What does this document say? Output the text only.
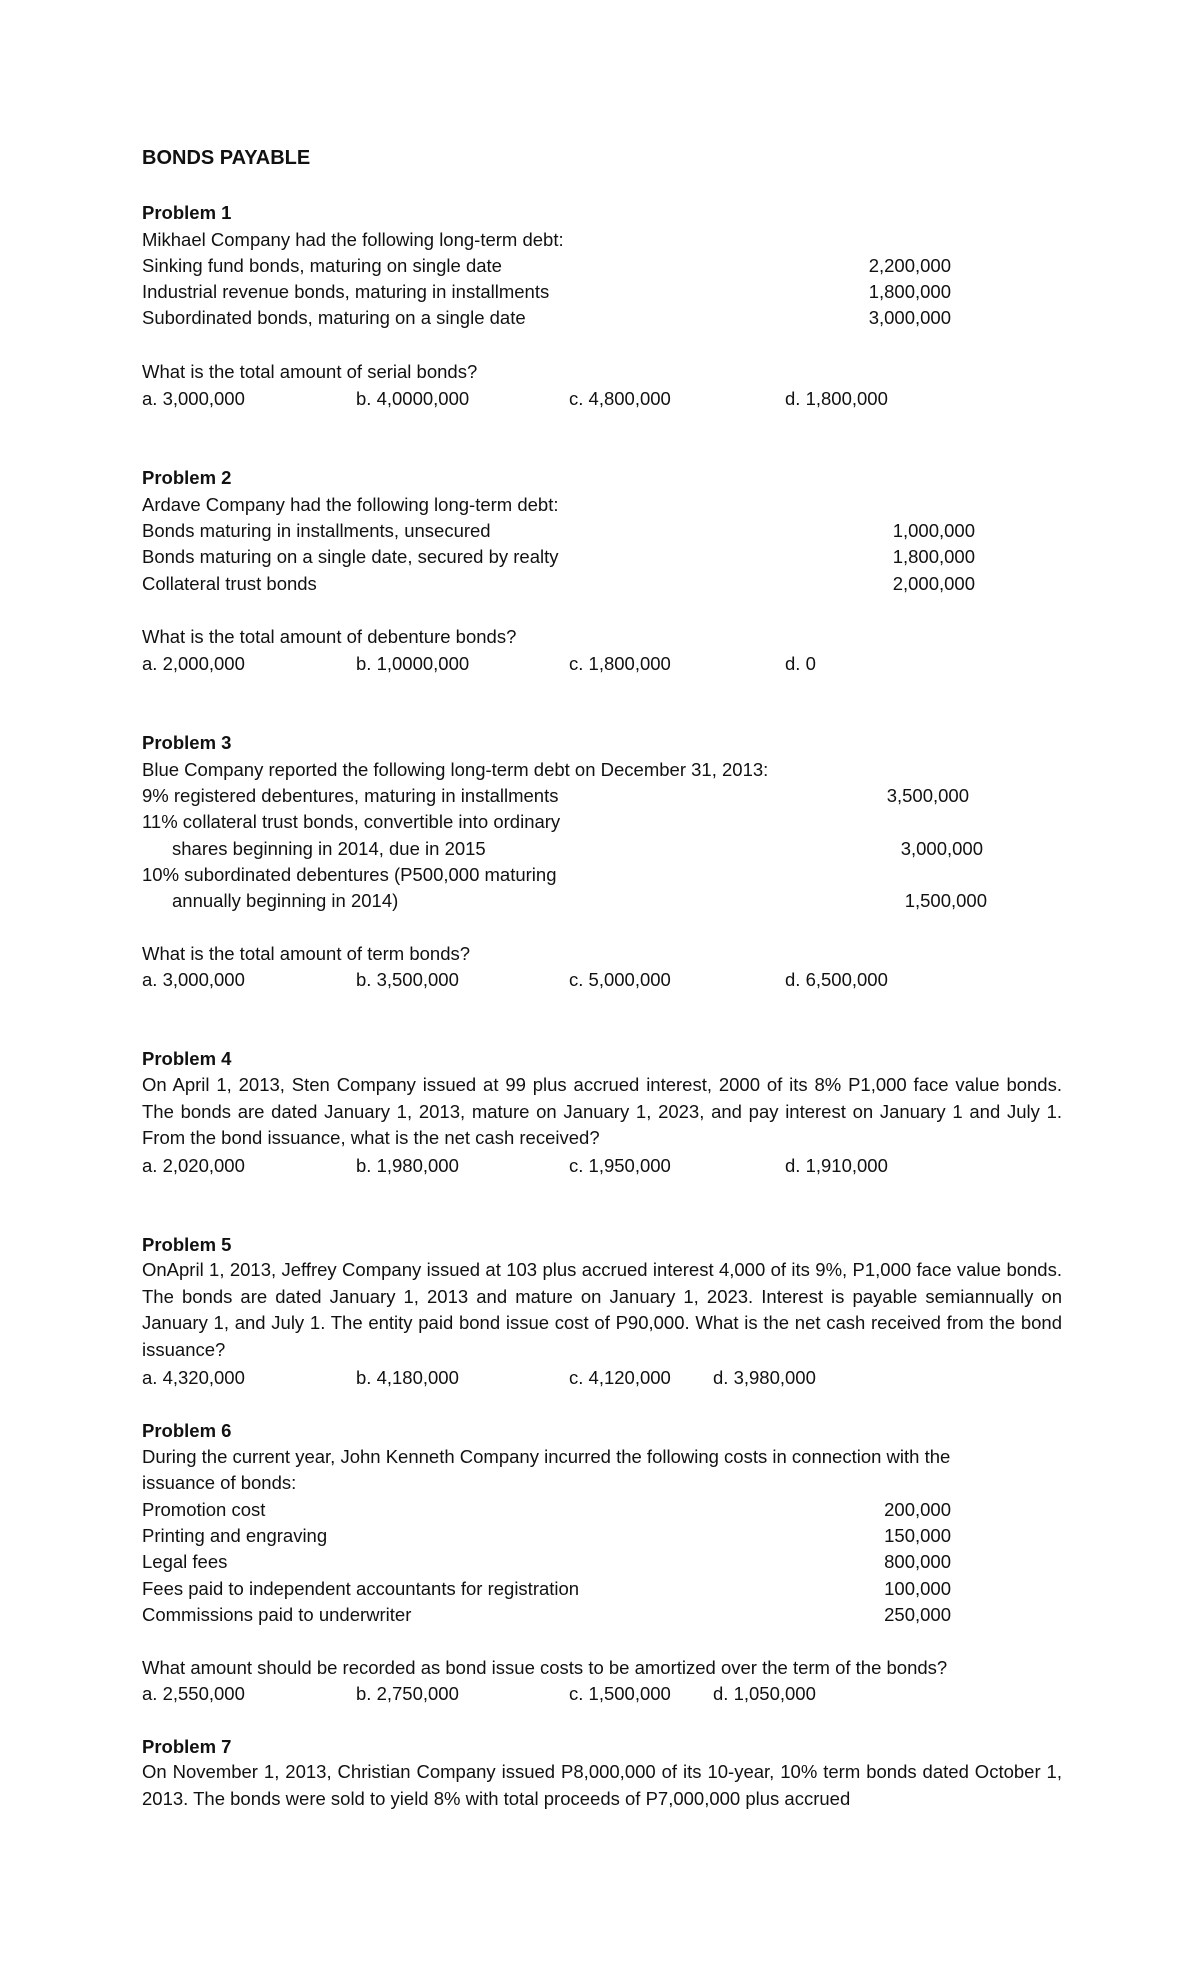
BONDS PAYABLE
Problem 1
Mikhael Company had the following long-term debt:
Sinking fund bonds, maturing on single date	2,200,000
Industrial revenue bonds, maturing in installments	1,800,000
Subordinated bonds, maturing on a single date	3,000,000
What is the total amount of serial bonds?
a. 3,000,000	b. 4,0000,000	c. 4,800,000	d. 1,800,000
Problem 2
Ardave Company had the following long-term debt:
Bonds maturing in installments, unsecured	1,000,000
Bonds maturing on a single date, secured by realty	1,800,000
Collateral trust bonds	2,000,000
What is the total amount of debenture bonds?
a. 2,000,000	b. 1,0000,000	c. 1,800,000	d. 0
Problem 3
Blue Company reported the following long-term debt on December 31, 2013:
9% registered debentures, maturing in installments	3,500,000
11% collateral trust bonds, convertible into ordinary
shares beginning in 2014, due in 2015	3,000,000
10% subordinated debentures (P500,000 maturing
annually beginning in 2014)	1,500,000
What is the total amount of term bonds?
a. 3,000,000	b. 3,500,000	c. 5,000,000	d. 6,500,000
Problem 4
On April 1, 2013, Sten Company issued at 99 plus accrued interest, 2000 of its 8% P1,000 face value bonds. The bonds are dated January 1, 2013, mature on January 1, 2023, and pay interest on January 1 and July 1. From the bond issuance, what is the net cash received?
a. 2,020,000	b. 1,980,000	c. 1,950,000	d. 1,910,000
Problem 5
OnApril 1, 2013, Jeffrey Company issued at 103 plus accrued interest 4,000 of its 9%, P1,000 face value bonds. The bonds are dated January 1, 2013 and mature on January 1, 2023. Interest is payable semiannually on January 1, and July 1. The entity paid bond issue cost of P90,000. What is the net cash received from the bond issuance?
a. 4,320,000	b. 4,180,000	c. 4,120,000 d. 3,980,000
Problem 6
During the current year, John Kenneth Company incurred the following costs in connection with the
issuance of bonds:
Promotion cost	200,000
Printing and engraving	150,000
Legal fees	800,000
Fees paid to independent accountants for registration	100,000
Commissions paid to underwriter	250,000
What amount should be recorded as bond issue costs to be amortized over the term of the bonds?
a. 2,550,000	b. 2,750,000	c. 1,500,000 d. 1,050,000
Problem 7
On November 1, 2013, Christian Company issued P8,000,000 of its 10-year, 10% term bonds dated October 1, 2013. The bonds were sold to yield 8% with total proceeds of P7,000,000 plus accrued
